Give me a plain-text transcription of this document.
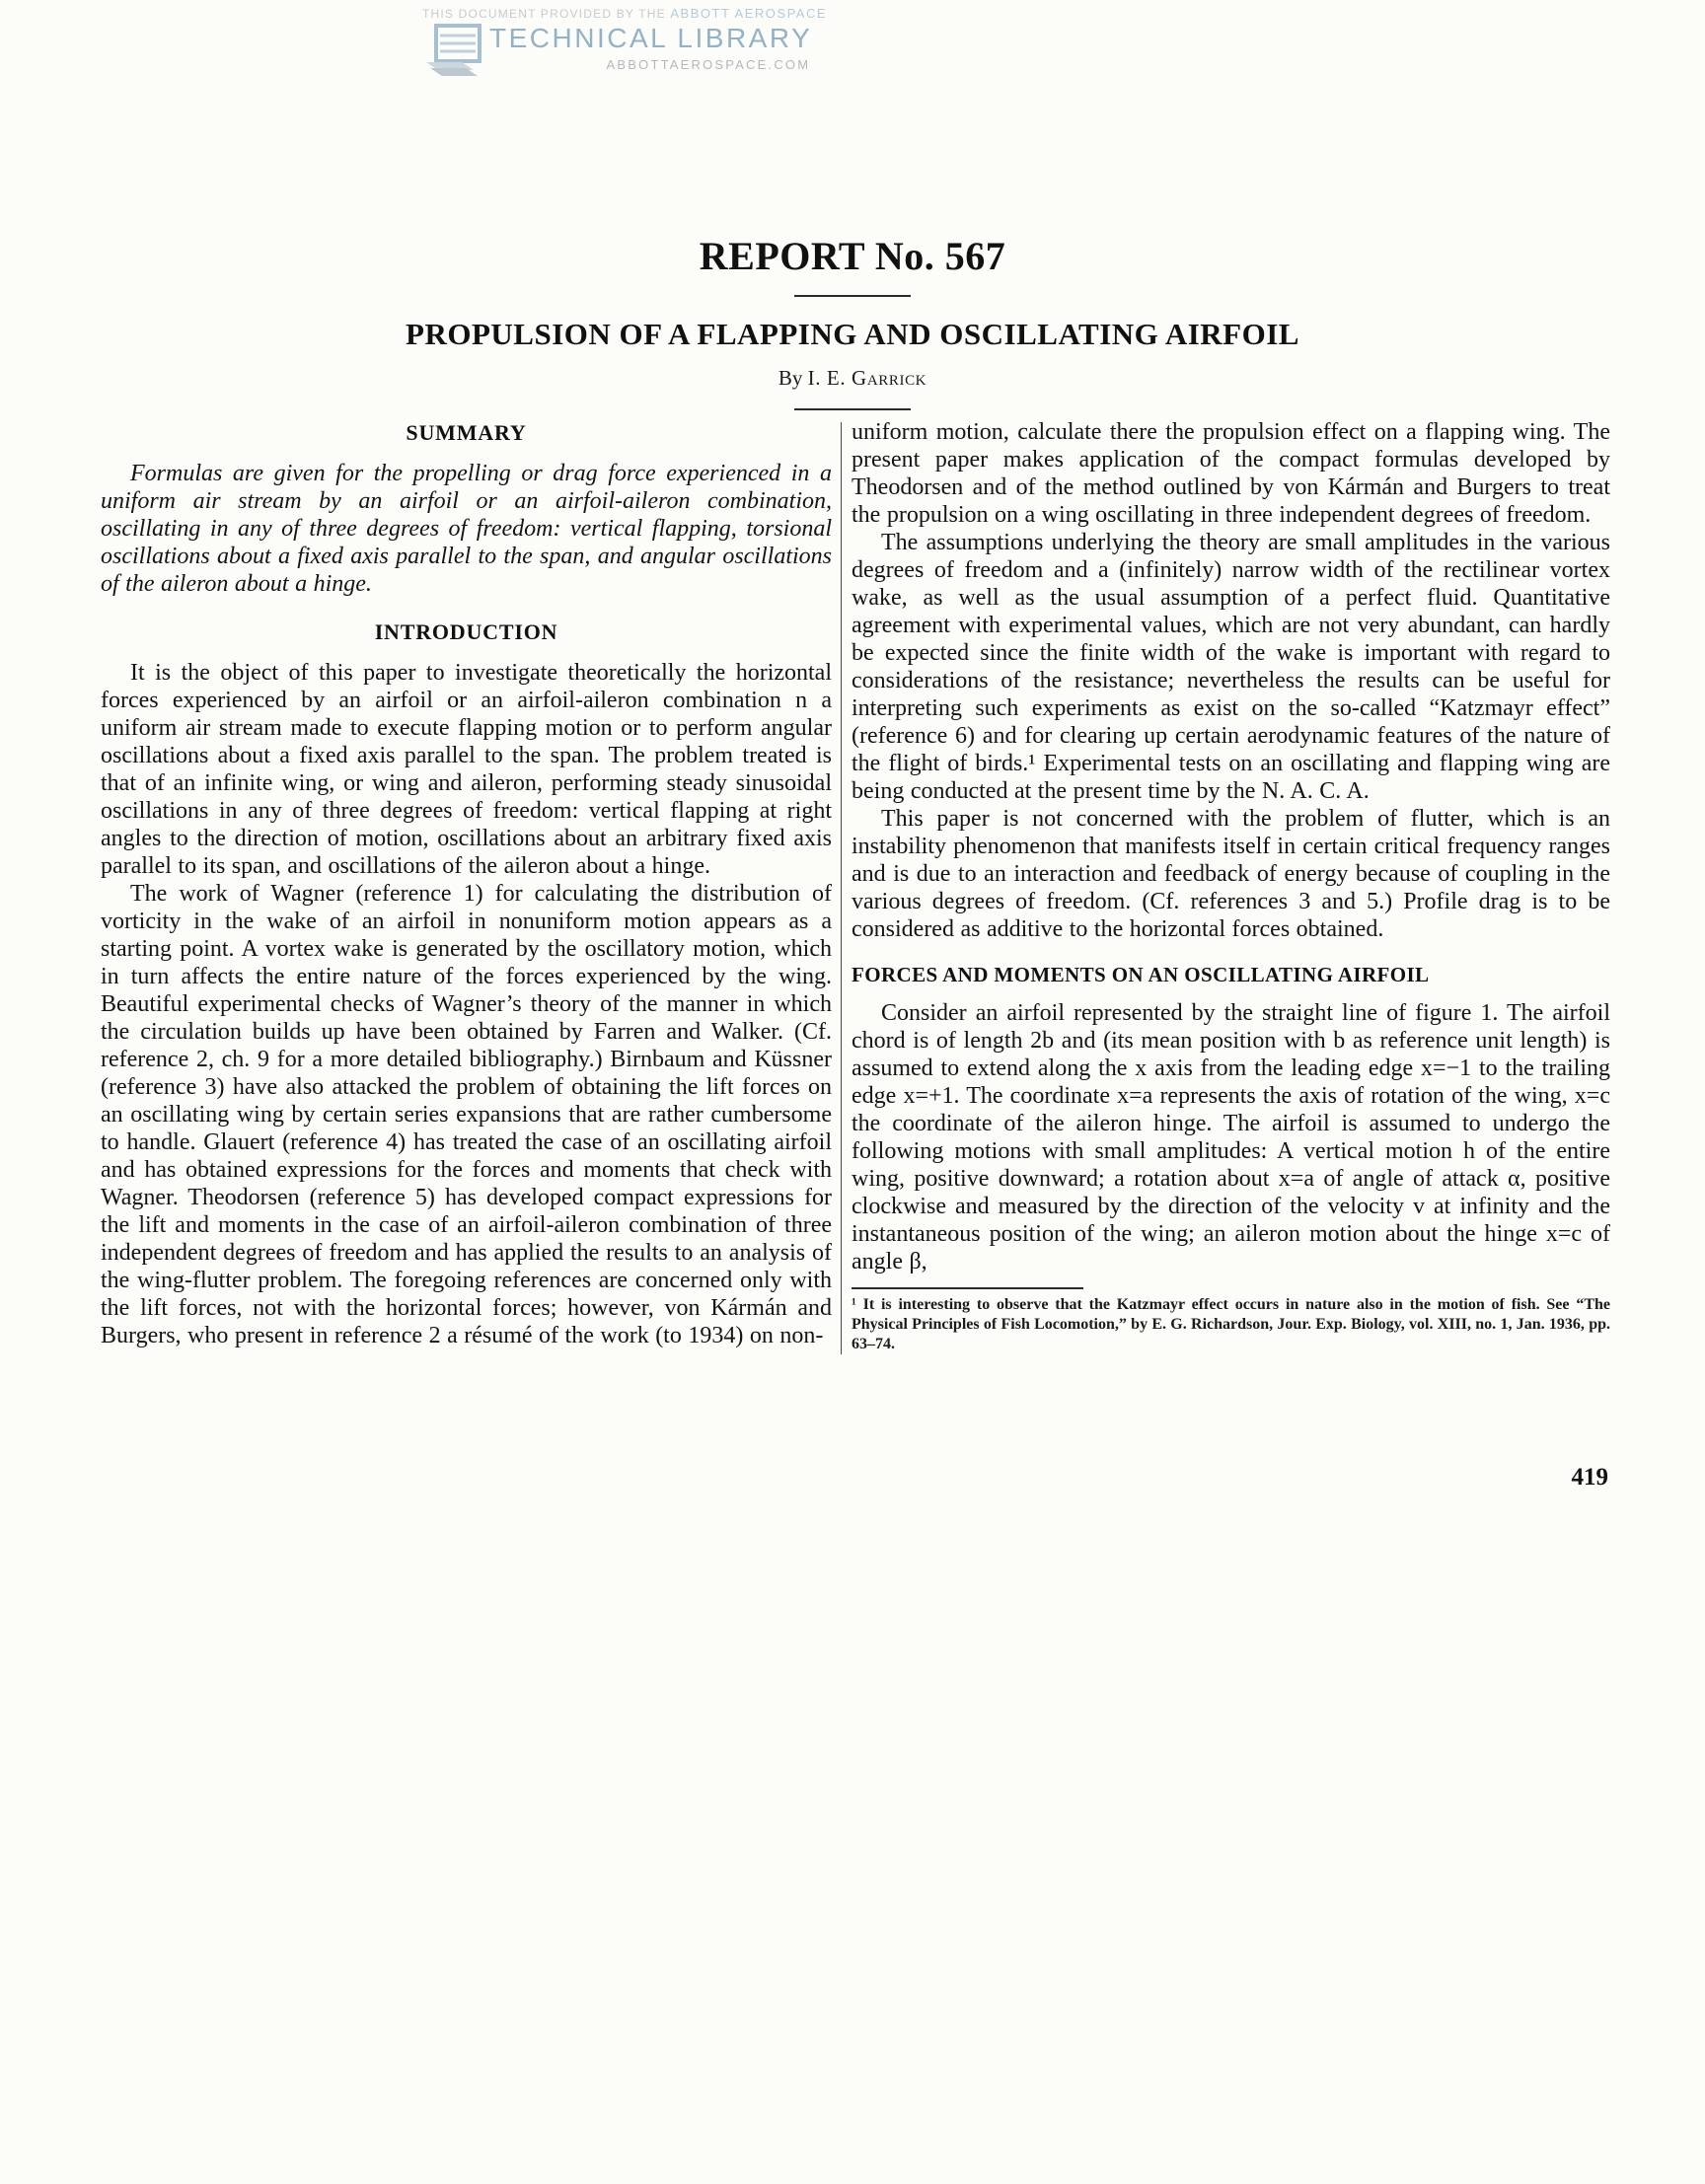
THIS DOCUMENT PROVIDED BY THE ABBOTT AEROSPACE
TECHNICAL LIBRARY
ABBOTTAEROSPACE.COM
REPORT No. 567
PROPULSION OF A FLAPPING AND OSCILLATING AIRFOIL
By I. E. Garrick
SUMMARY

Formulas are given for the propelling or drag force experienced in a uniform air stream by an airfoil or an airfoil-aileron combination, oscillating in any of three degrees of freedom: vertical flapping, torsional oscillations about a fixed axis parallel to the span, and angular oscillations of the aileron about a hinge.

INTRODUCTION

It is the object of this paper to investigate theoretically the horizontal forces experienced by an airfoil or an airfoil-aileron combination n a uniform air stream made to execute flapping motion or to perform angular oscillations about a fixed axis parallel to the span. The problem treated is that of an infinite wing, or wing and aileron, performing steady sinusoidal oscillations in any of three degrees of freedom: vertical flapping at right angles to the direction of motion, oscillations about an arbitrary fixed axis parallel to its span, and oscillations of the aileron about a hinge.

The work of Wagner (reference 1) for calculating the distribution of vorticity in the wake of an airfoil in nonuniform motion appears as a starting point. A vortex wake is generated by the oscillatory motion, which in turn affects the entire nature of the forces experienced by the wing. Beautiful experimental checks of Wagner’s theory of the manner in which the circulation builds up have been obtained by Farren and Walker. (Cf. reference 2, ch. 9 for a more detailed bibliography.) Birnbaum and Küssner (reference 3) have also attacked the problem of obtaining the lift forces on an oscillating wing by certain series expansions that are rather cumbersome to handle. Glauert (reference 4) has treated the case of an oscillating airfoil and has obtained expressions for the forces and moments that check with Wagner. Theodorsen (reference 5) has developed compact expressions for the lift and moments in the case of an airfoil-aileron combination of three independent degrees of freedom and has applied the results to an analysis of the wing-flutter problem. The foregoing references are concerned only with the lift forces, not with the horizontal forces; however, von Kármán and Burgers, who present in reference 2 a résumé of the work (to 1934) on non-

uniform motion, calculate there the propulsion effect on a flapping wing. The present paper makes application of the compact formulas developed by Theodorsen and of the method outlined by von Kármán and Burgers to treat the propulsion on a wing oscillating in three independent degrees of freedom.

The assumptions underlying the theory are small amplitudes in the various degrees of freedom and a (infinitely) narrow width of the rectilinear vortex wake, as well as the usual assumption of a perfect fluid. Quantitative agreement with experimental values, which are not very abundant, can hardly be expected since the finite width of the wake is important with regard to considerations of the resistance; nevertheless the results can be useful for interpreting such experiments as exist on the so-called “Katzmayr effect” (reference 6) and for clearing up certain aerodynamic features of the nature of the flight of birds.¹ Experimental tests on an oscillating and flapping wing are being conducted at the present time by the N. A. C. A.

This paper is not concerned with the problem of flutter, which is an instability phenomenon that manifests itself in certain critical frequency ranges and is due to an interaction and feedback of energy because of coupling in the various degrees of freedom. (Cf. references 3 and 5.) Profile drag is to be considered as additive to the horizontal forces obtained.

FORCES AND MOMENTS ON AN OSCILLATING AIRFOIL

Consider an airfoil represented by the straight line of figure 1. The airfoil chord is of length 2b and (its mean position with b as reference unit length) is assumed to extend along the x axis from the leading edge x=−1 to the trailing edge x=+1. The coordinate x=a represents the axis of rotation of the wing, x=c the coordinate of the aileron hinge. The airfoil is assumed to undergo the following motions with small amplitudes: A vertical motion h of the entire wing, positive downward; a rotation about x=a of angle of attack α, positive clockwise and measured by the direction of the velocity v at infinity and the instantaneous position of the wing; an aileron motion about the hinge x=c of angle β,

¹ It is interesting to observe that the Katzmayr effect occurs in nature also in the motion of fish. See “The Physical Principles of Fish Locomotion,” by E. G. Richardson, Jour. Exp. Biology, vol. XIII, no. 1, Jan. 1936, pp. 63–74.

419
